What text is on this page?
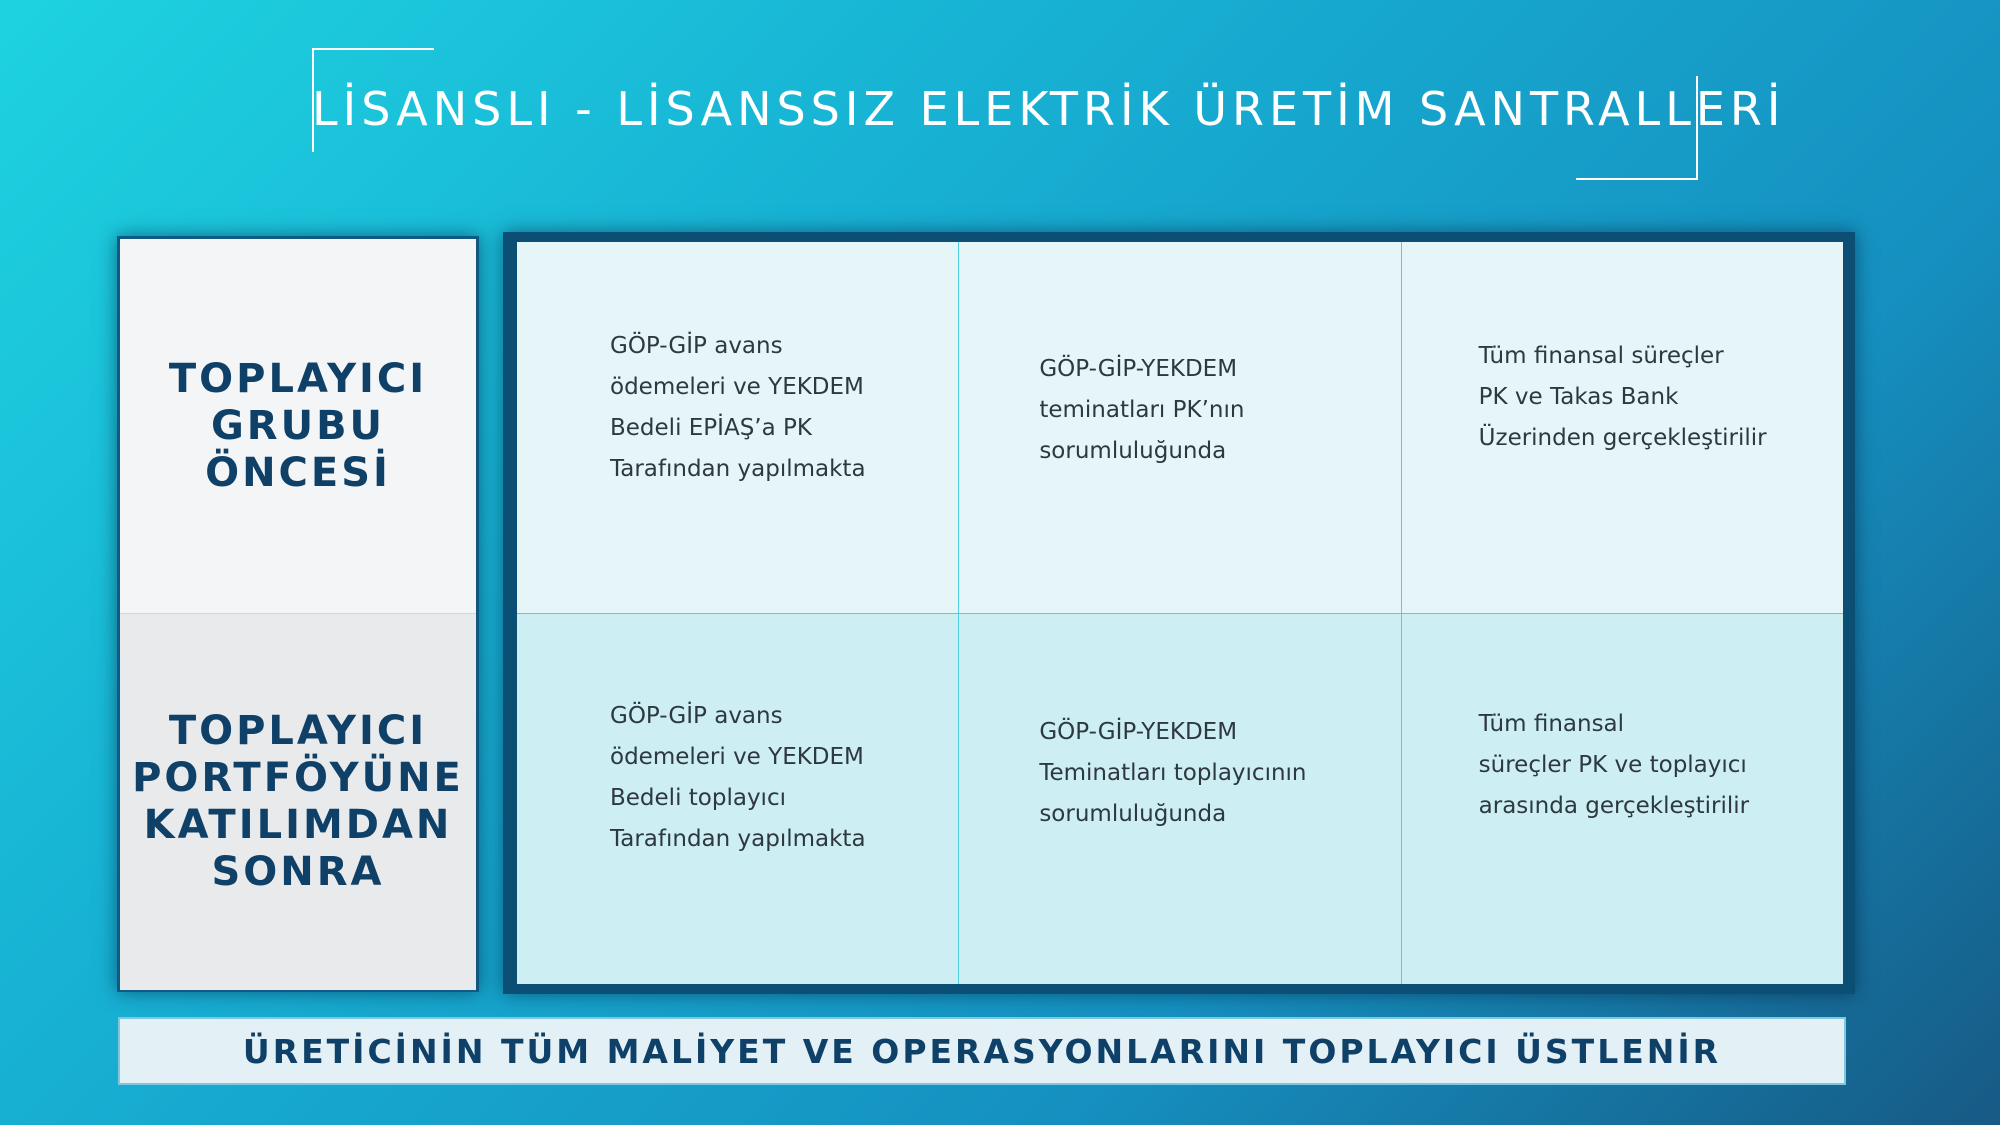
LİSANSLI - LİSANSSIZ ELEKTRİK ÜRETİM SANTRALLERİ
TOPLAYICI
GRUBU
ÖNCESİ
TOPLAYICI
PORTFÖYÜNE
KATILIMDAN
SONRA
GÖP-GİP avans
ödemeleri ve YEKDEM
Bedeli EPİAŞ’a PK
Tarafından yapılmakta
GÖP-GİP-YEKDEM
teminatları PK’nın
sorumluluğunda
Tüm finansal süreçler
PK ve Takas Bank
Üzerinden gerçekleştirilir
GÖP-GİP avans
ödemeleri ve YEKDEM
Bedeli toplayıcı
Tarafından yapılmakta
GÖP-GİP-YEKDEM
Teminatları toplayıcının
sorumluluğunda
Tüm finansal
süreçler PK ve toplayıcı
arasında gerçekleştirilir
ÜRETİCİNİN TÜM MALİYET VE OPERASYONLARINI TOPLAYICI ÜSTLENİR
